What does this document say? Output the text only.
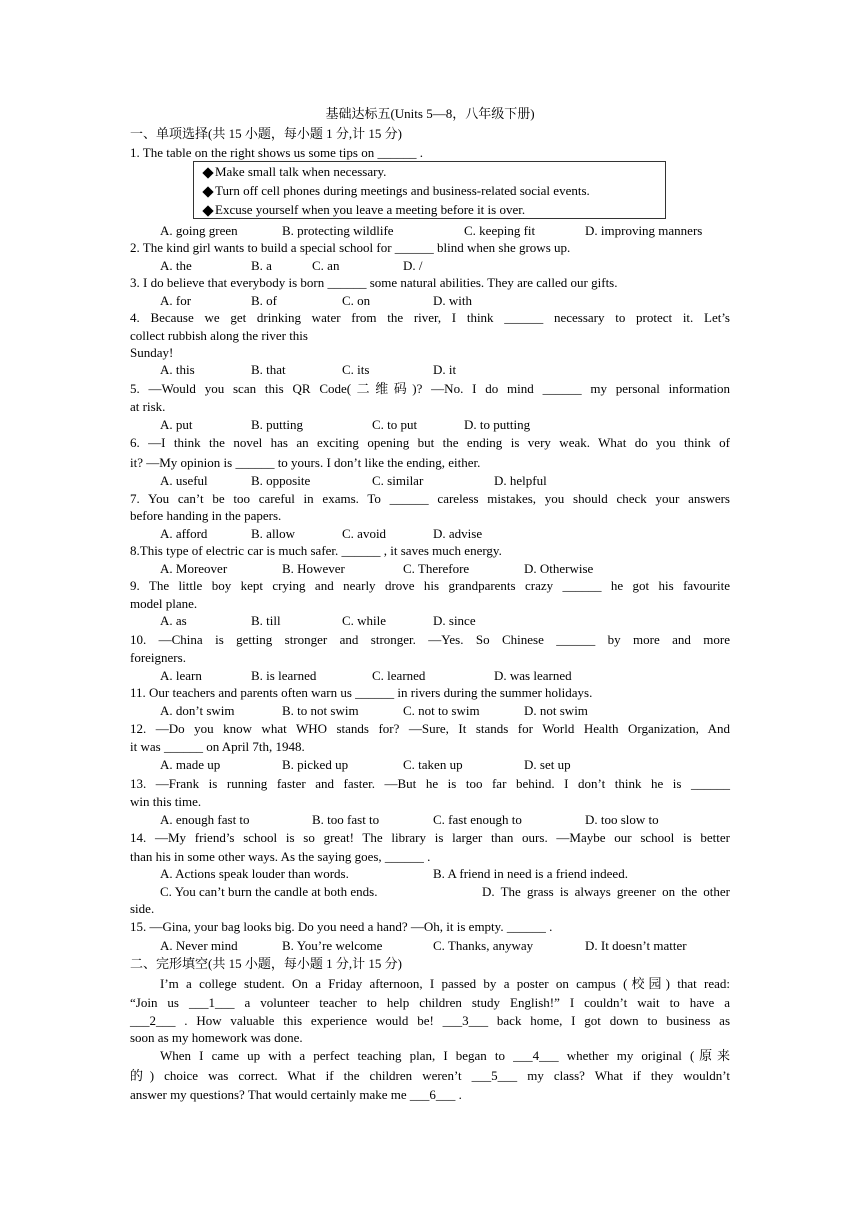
基础达标五(Units 5—8，八年级下册)
一、单项选择(共 15 小题，每小题 1 分,计 15 分)
1. The table on the right shows us some tips on ______ .
Make small talk when necessary.
Turn off cell phones during meetings and business-related social events.
Excuse yourself when you leave a meeting before it is over.
A. going green	B. protecting wildlife	C. keeping fit	D. improving manners
2. The kind girl wants to build a special school for ______ blind when she grows up.
A. the	B. a	C. an	D. /
3. I do believe that everybody is born ______ some natural abilities. They are called our gifts.
A. for	B. of	C. on	D. with
4. Because we get drinking water from the river, I think ______ necessary to protect it. Let’s
collect rubbish along the river this
Sunday!
A. this	B. that	C. its	D. it
5. —Would you scan this QR Code(二维码)? —No. I do mind ______ my personal information
at risk.
A. put	B. putting	C. to put	D. to putting
6. —I think the novel has an exciting opening but the ending is very weak. What do you think of
it? —My opinion is ______ to yours. I don’t like the ending, either.
A. useful	B. opposite	C. similar	D. helpful
7. You can’t be too careful in exams. To ______ careless mistakes, you should check your answers
before handing in the papers.
A. afford	B. allow	C. avoid	D. advise
8.This type of electric car is much safer. ______ , it saves much energy.
A. Moreover	B. However	C. Therefore	D. Otherwise
9. The little boy kept crying and nearly drove his grandparents crazy ______ he got his favourite
model plane.
A. as	B. till	C. while	D. since
10. —China is getting stronger and stronger. —Yes. So Chinese ______ by more and more
foreigners.
A. learn	B. is learned	C. learned	D. was learned
11. Our teachers and parents often warn us ______ in rivers during the summer holidays.
A. don’t swim	B. to not swim	C. not to swim	D. not swim
12. —Do you know what WHO stands for? —Sure, It stands for World Health Organization, And
it was ______ on April 7th, 1948.
A. made up	B. picked up	C. taken up	D. set up
13. —Frank is running faster and faster. —But he is too far behind. I don’t think he is ______
win this time.
A. enough fast to	B. too fast to	C. fast enough to	D. too slow to
14. —My friend’s school is so great! The library is larger than ours. —Maybe our school is better
than his in some other ways. As the saying goes, ______ .
A. Actions speak louder than words.	B. A friend in need is a friend indeed.
C. You can’t burn the candle at both ends.	D. The grass is always greener on the other
side.
15. —Gina, your bag looks big. Do you need a hand? —Oh, it is empty. ______ .
A. Never mind	B. You’re welcome	C. Thanks, anyway	D. It doesn’t matter
二、完形填空(共 15 小题，每小题 1 分,计 15 分)
I’m a college student. On a Friday afternoon, I passed by a poster on campus (校园) that read:
“Join us ___1___ a volunteer teacher to help children study English!” I couldn’t wait to have a
___2___ . How valuable this experience would be! ___3___ back home, I got down to business as
soon as my homework was done.
When I came up with a perfect teaching plan, I began to ___4___ whether my original (原来
的) choice was correct. What if the children weren’t ___5___ my class? What if they wouldn’t
answer my questions? That would certainly make me ___6___ .
